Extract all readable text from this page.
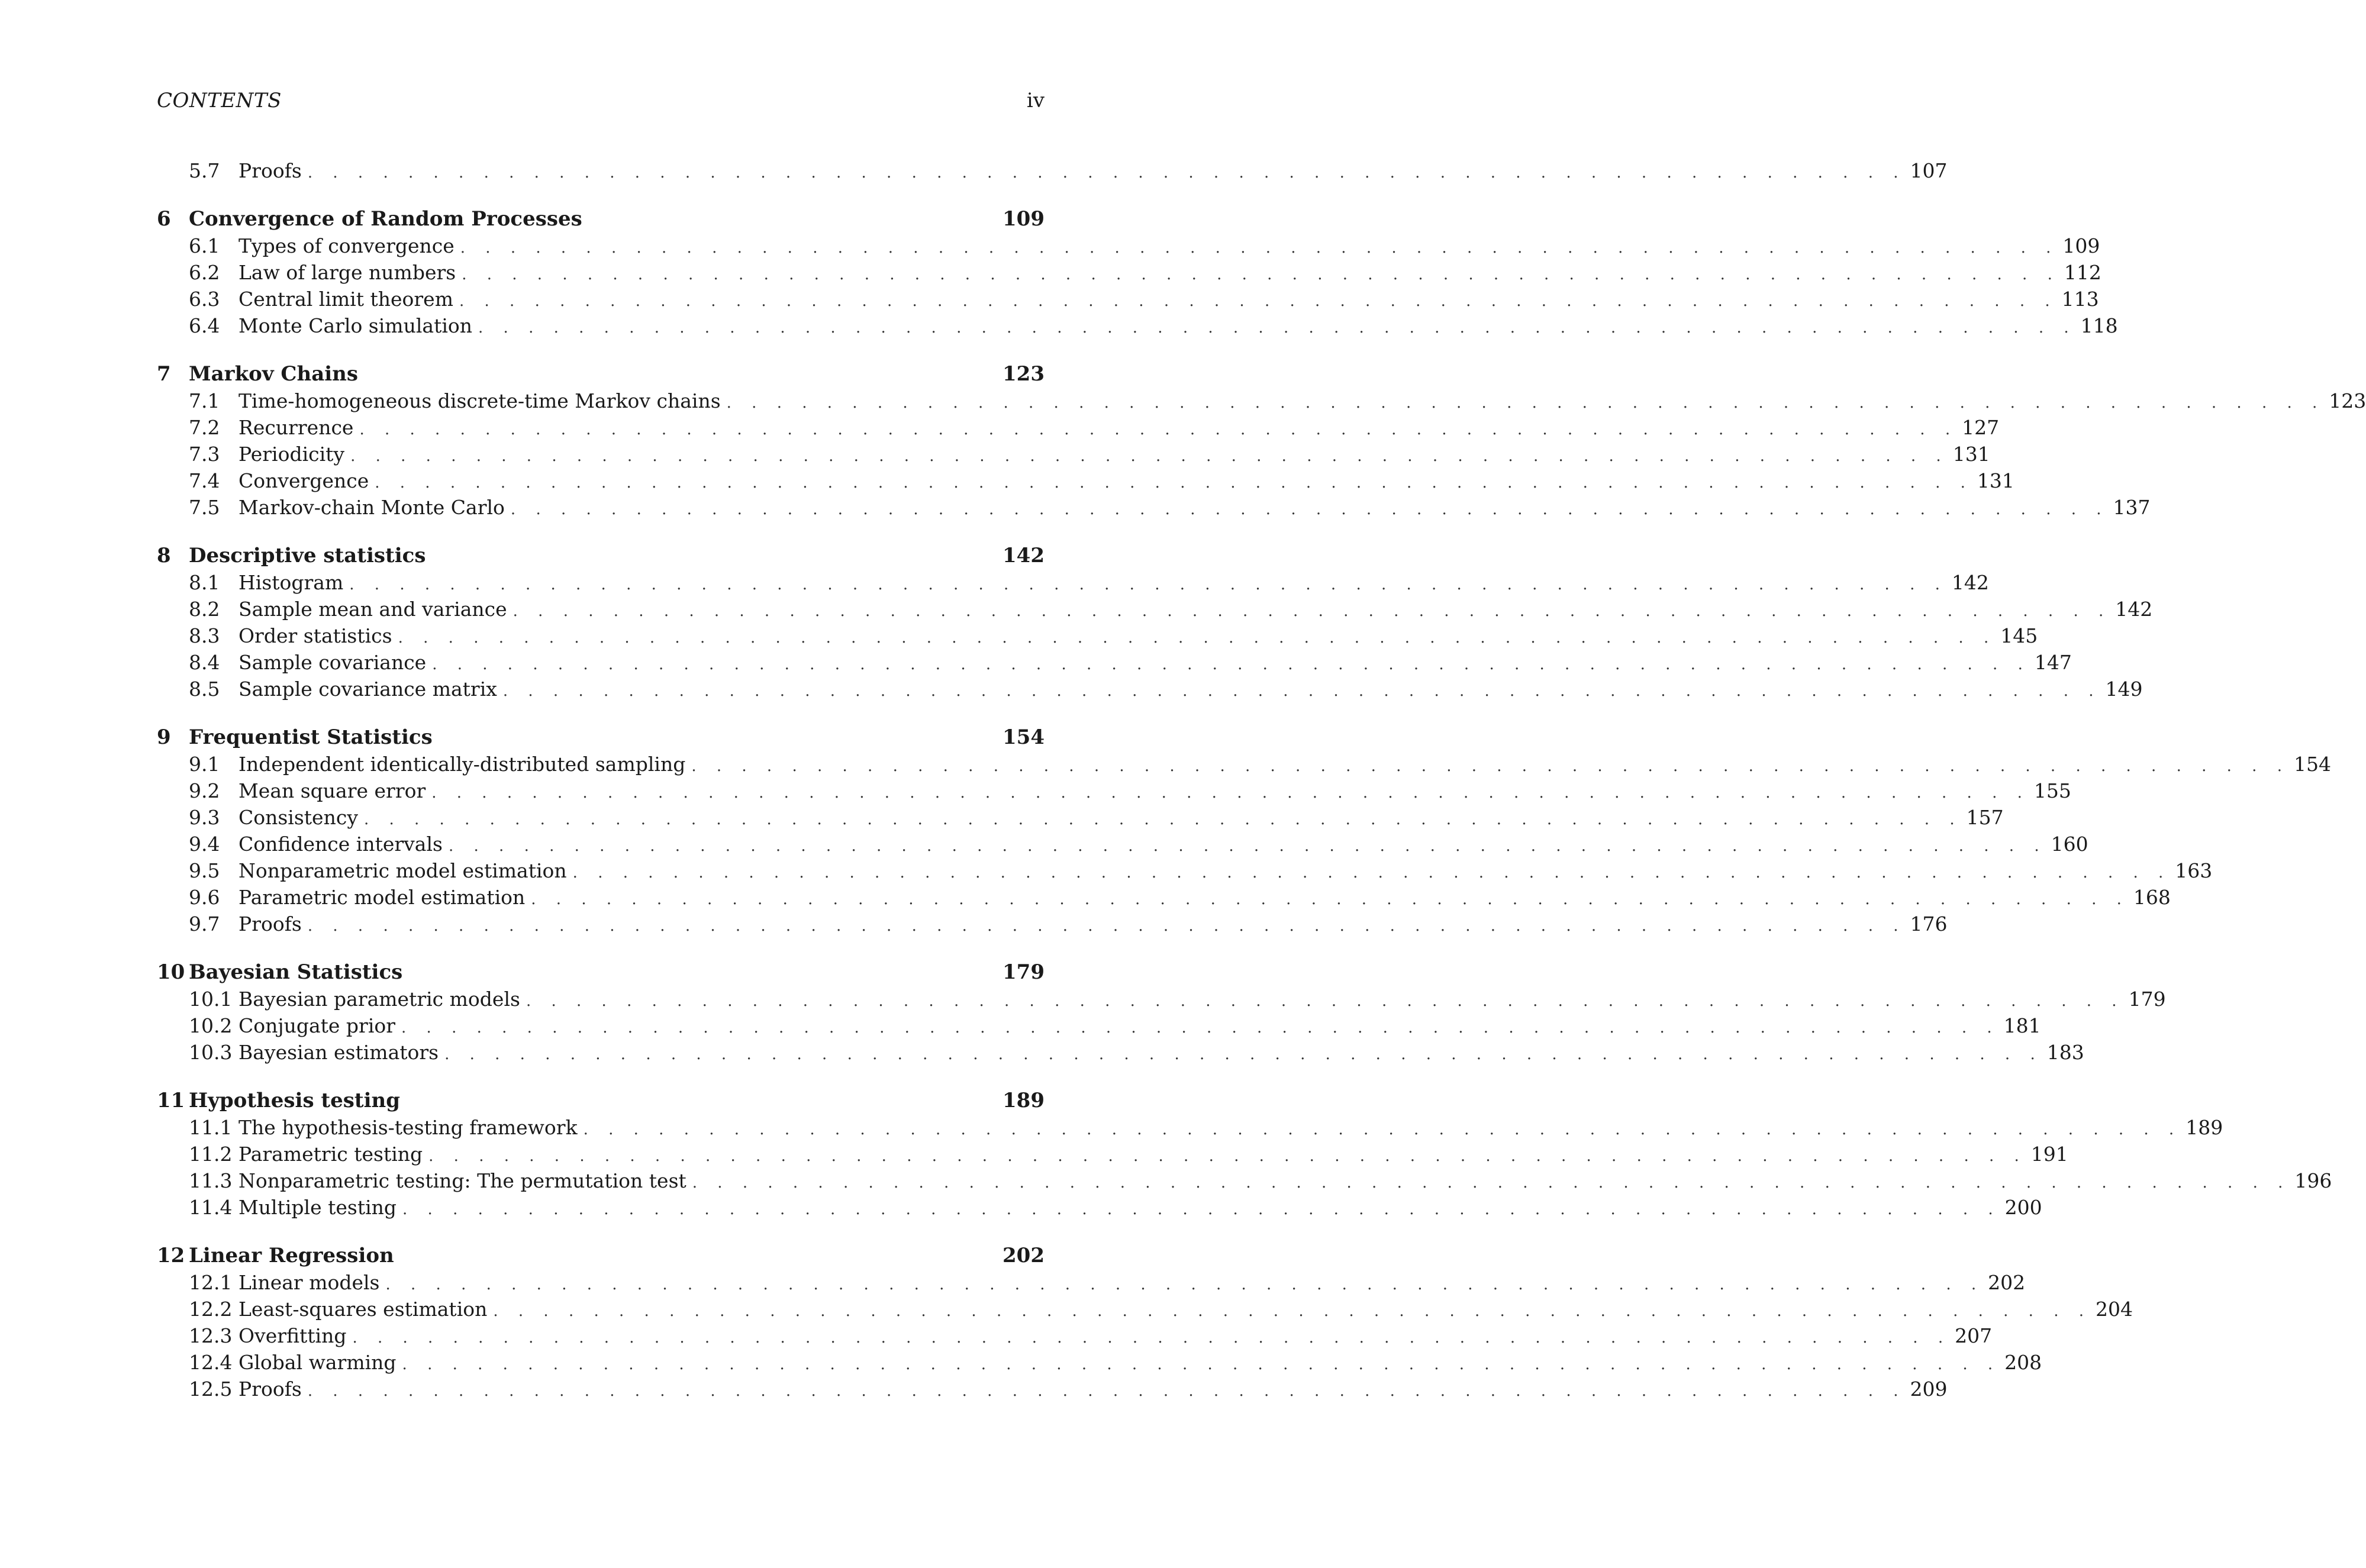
CONTENTS	iv
5.7 Proofs . . . . . . . . . . . . . . . . . . . . . . . . . . . . . . . . . . . . . . . . . . . . . . . . . . . . . . . . . . . . . . . . 107
6 Convergence of Random Processes	109
6.1 Types of convergence . . . . . . . . . . . . . . . . . . . . . . . . . . . . . . . . . . . . . . . . . . . . . . . . . . . . . . . . . . . . . . . . 109
6.2 Law of large numbers . . . . . . . . . . . . . . . . . . . . . . . . . . . . . . . . . . . . . . . . . . . . . . . . . . . . . . . . . . . . . . . . 112
6.3 Central limit theorem . . . . . . . . . . . . . . . . . . . . . . . . . . . . . . . . . . . . . . . . . . . . . . . . . . . . . . . . . . . . . . . . 113
6.4 Monte Carlo simulation . . . . . . . . . . . . . . . . . . . . . . . . . . . . . . . . . . . . . . . . . . . . . . . . . . . . . . . . . . . . . . . . 118
7 Markov Chains	123
7.1 Time-homogeneous discrete-time Markov chains . . . . . . . . . . . . . . . . . . . . . . . . . . . . . . . . . . . . . . . . . . . . . . . . . . . . . . . . . . . . . . . . 123
7.2 Recurrence . . . . . . . . . . . . . . . . . . . . . . . . . . . . . . . . . . . . . . . . . . . . . . . . . . . . . . . . . . . . . . . . 127
7.3 Periodicity . . . . . . . . . . . . . . . . . . . . . . . . . . . . . . . . . . . . . . . . . . . . . . . . . . . . . . . . . . . . . . . . 131
7.4 Convergence . . . . . . . . . . . . . . . . . . . . . . . . . . . . . . . . . . . . . . . . . . . . . . . . . . . . . . . . . . . . . . . . 131
7.5 Markov-chain Monte Carlo . . . . . . . . . . . . . . . . . . . . . . . . . . . . . . . . . . . . . . . . . . . . . . . . . . . . . . . . . . . . . . . . 137
8 Descriptive statistics	142
8.1 Histogram . . . . . . . . . . . . . . . . . . . . . . . . . . . . . . . . . . . . . . . . . . . . . . . . . . . . . . . . . . . . . . . . 142
8.2 Sample mean and variance . . . . . . . . . . . . . . . . . . . . . . . . . . . . . . . . . . . . . . . . . . . . . . . . . . . . . . . . . . . . . . . . 142
8.3 Order statistics . . . . . . . . . . . . . . . . . . . . . . . . . . . . . . . . . . . . . . . . . . . . . . . . . . . . . . . . . . . . . . . . 145
8.4 Sample covariance . . . . . . . . . . . . . . . . . . . . . . . . . . . . . . . . . . . . . . . . . . . . . . . . . . . . . . . . . . . . . . . . 147
8.5 Sample covariance matrix . . . . . . . . . . . . . . . . . . . . . . . . . . . . . . . . . . . . . . . . . . . . . . . . . . . . . . . . . . . . . . . . 149
9 Frequentist Statistics	154
9.1 Independent identically-distributed sampling . . . . . . . . . . . . . . . . . . . . . . . . . . . . . . . . . . . . . . . . . . . . . . . . . . . . . . . . . . . . . . . . 154
9.2 Mean square error . . . . . . . . . . . . . . . . . . . . . . . . . . . . . . . . . . . . . . . . . . . . . . . . . . . . . . . . . . . . . . . . 155
9.3 Consistency . . . . . . . . . . . . . . . . . . . . . . . . . . . . . . . . . . . . . . . . . . . . . . . . . . . . . . . . . . . . . . . . 157
9.4 Confidence intervals . . . . . . . . . . . . . . . . . . . . . . . . . . . . . . . . . . . . . . . . . . . . . . . . . . . . . . . . . . . . . . . . 160
9.5 Nonparametric model estimation . . . . . . . . . . . . . . . . . . . . . . . . . . . . . . . . . . . . . . . . . . . . . . . . . . . . . . . . . . . . . . . . 163
9.6 Parametric model estimation . . . . . . . . . . . . . . . . . . . . . . . . . . . . . . . . . . . . . . . . . . . . . . . . . . . . . . . . . . . . . . . . 168
9.7 Proofs . . . . . . . . . . . . . . . . . . . . . . . . . . . . . . . . . . . . . . . . . . . . . . . . . . . . . . . . . . . . . . . . 176
10 Bayesian Statistics	179
10.1 Bayesian parametric models . . . . . . . . . . . . . . . . . . . . . . . . . . . . . . . . . . . . . . . . . . . . . . . . . . . . . . . . . . . . . . . . 179
10.2 Conjugate prior . . . . . . . . . . . . . . . . . . . . . . . . . . . . . . . . . . . . . . . . . . . . . . . . . . . . . . . . . . . . . . . . 181
10.3 Bayesian estimators . . . . . . . . . . . . . . . . . . . . . . . . . . . . . . . . . . . . . . . . . . . . . . . . . . . . . . . . . . . . . . . . 183
11 Hypothesis testing	189
11.1 The hypothesis-testing framework . . . . . . . . . . . . . . . . . . . . . . . . . . . . . . . . . . . . . . . . . . . . . . . . . . . . . . . . . . . . . . . . 189
11.2 Parametric testing . . . . . . . . . . . . . . . . . . . . . . . . . . . . . . . . . . . . . . . . . . . . . . . . . . . . . . . . . . . . . . . . 191
11.3 Nonparametric testing: The permutation test . . . . . . . . . . . . . . . . . . . . . . . . . . . . . . . . . . . . . . . . . . . . . . . . . . . . . . . . . . . . . . . . 196
11.4 Multiple testing . . . . . . . . . . . . . . . . . . . . . . . . . . . . . . . . . . . . . . . . . . . . . . . . . . . . . . . . . . . . . . . . 200
12 Linear Regression	202
12.1 Linear models . . . . . . . . . . . . . . . . . . . . . . . . . . . . . . . . . . . . . . . . . . . . . . . . . . . . . . . . . . . . . . . . 202
12.2 Least-squares estimation . . . . . . . . . . . . . . . . . . . . . . . . . . . . . . . . . . . . . . . . . . . . . . . . . . . . . . . . . . . . . . . . 204
12.3 Overfitting . . . . . . . . . . . . . . . . . . . . . . . . . . . . . . . . . . . . . . . . . . . . . . . . . . . . . . . . . . . . . . . . 207
12.4 Global warming . . . . . . . . . . . . . . . . . . . . . . . . . . . . . . . . . . . . . . . . . . . . . . . . . . . . . . . . . . . . . . . . 208
12.5 Proofs . . . . . . . . . . . . . . . . . . . . . . . . . . . . . . . . . . . . . . . . . . . . . . . . . . . . . . . . . . . . . . . . 209
